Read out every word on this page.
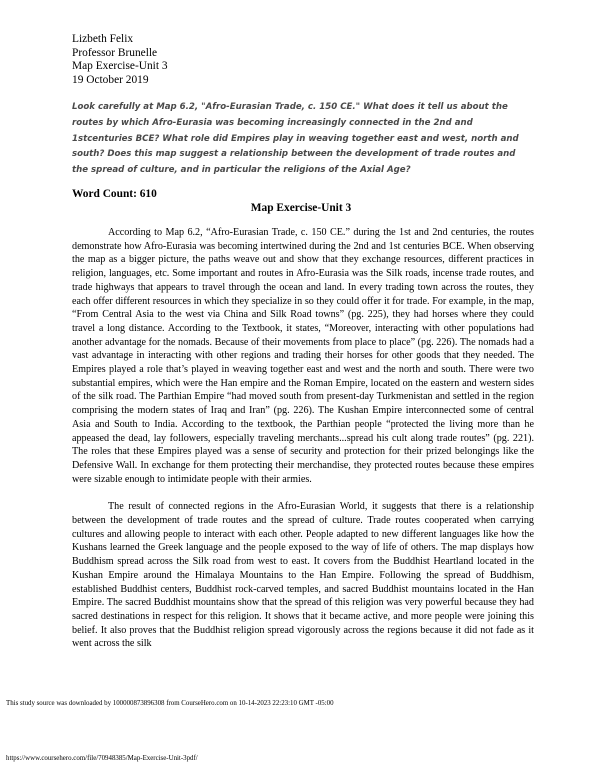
Lizbeth Felix
Professor Brunelle
Map Exercise-Unit 3
19 October 2019
Look carefully at Map 6.2, "Afro-Eurasian Trade, c. 150 CE." What does it tell us about the routes by which Afro-Eurasia was becoming increasingly connected in the 2nd and 1stcenturies BCE? What role did Empires play in weaving together east and west, north and south? Does this map suggest a relationship between the development of trade routes and the spread of culture, and in particular the religions of the Axial Age?
Word Count: 610
Map Exercise-Unit 3

According to Map 6.2, “Afro-Eurasian Trade, c. 150 CE.” during the 1st and 2nd centuries, the routes demonstrate how Afro-Eurasia was becoming intertwined during the 2nd and 1st centuries BCE. When observing the map as a bigger picture, the paths weave out and show that they exchange resources, different practices in religion, languages, etc. Some important and routes in Afro-Eurasia was the Silk roads, incense trade routes, and trade highways that appears to travel through the ocean and land. In every trading town across the routes, they each offer different resources in which they specialize in so they could offer it for trade. For example, in the map, “From Central Asia to the west via China and Silk Road towns” (pg. 225), they had horses where they could travel a long distance. According to the Textbook, it states, “Moreover, interacting with other populations had another advantage for the nomads. Because of their movements from place to place” (pg. 226). The nomads had a vast advantage in interacting with other regions and trading their horses for other goods that they needed. The Empires played a role that’s played in weaving together east and west and the north and south. There were two substantial empires, which were the Han empire and the Roman Empire, located on the eastern and western sides of the silk road. The Parthian Empire “had moved south from present-day Turkmenistan and settled in the region comprising the modern states of Iraq and Iran” (pg. 226). The Kushan Empire interconnected some of central Asia and South to India. According to the textbook, the Parthian people “protected the living more than he appeased the dead, lay followers, especially traveling merchants...spread his cult along trade routes” (pg. 221). The roles that these Empires played was a sense of security and protection for their prized belongings like the Defensive Wall. In exchange for them protecting their merchandise, they protected routes because these empires were sizable enough to intimidate people with their armies.

The result of connected regions in the Afro-Eurasian World, it suggests that there is a relationship between the development of trade routes and the spread of culture. Trade routes cooperated when carrying cultures and allowing people to interact with each other. People adapted to new different languages like how the Kushans learned the Greek language and the people exposed to the way of life of others. The map displays how Buddhism spread across the Silk road from west to east. It covers from the Buddhist Heartland located in the Kushan Empire around the Himalaya Mountains to the Han Empire. Following the spread of Buddhism, established Buddhist centers, Buddhist rock-carved temples, and sacred Buddhist mountains located in the Han Empire. The sacred Buddhist mountains show that the spread of this religion was very powerful because they had sacred destinations in respect for this religion. It shows that it became active, and more people were joining this belief. It also proves that the Buddhist religion spread vigorously across the regions because it did not fade as it went across the silk

This study source was downloaded by 100000873896308 from CourseHero.com on 10-14-2023 22:23:10 GMT -05:00
https://www.coursehero.com/file/70948385/Map-Exercise-Unit-3pdf/
